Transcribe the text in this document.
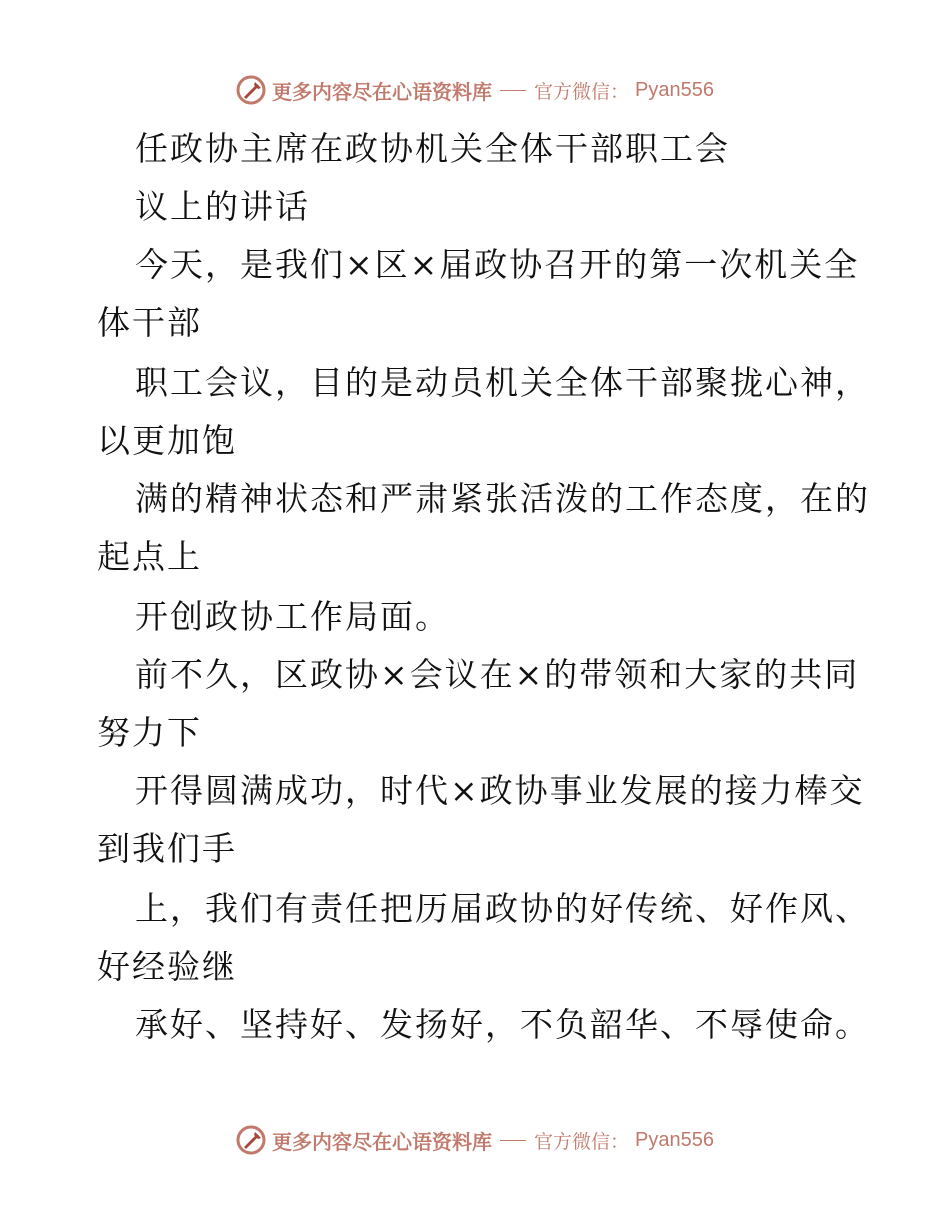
更多内容尽在心语资料库 官方微信： Pyan556
任政协主席在政协机关全体干部职工会
议上的讲话
今天，是我们×区×届政协召开的第一次机关全
体干部
职工会议，目的是动员机关全体干部聚拢心神，
以更加饱
满的精神状态和严肃紧张活泼的工作态度，在的
起点上
开创政协工作局面。
前不久，区政协×会议在×的带领和大家的共同
努力下
开得圆满成功，时代×政协事业发展的接力棒交
到我们手
上，我们有责任把历届政协的好传统、好作风、
好经验继
承好、坚持好、发扬好，不负韶华、不辱使命。
更多内容尽在心语资料库 官方微信： Pyan556
